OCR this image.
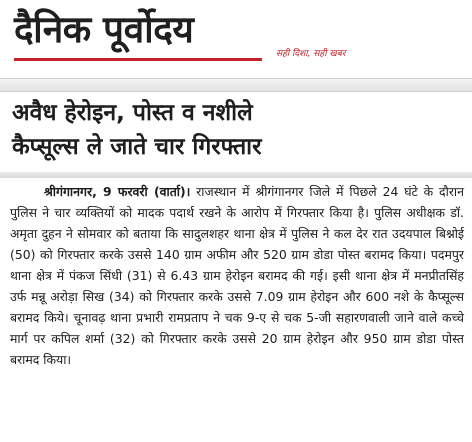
दैनिक पूर्वोदय
सही दिशा, सही खबर
अवैध हेरोइन, पोस्त व नशीले
कैप्सूल्स ले जाते चार गिरफ्तार

श्रीगंगानगर, 9 फरवरी (वार्ता)। राजस्थान में श्रीगंगानगर जिले में पिछले 24 घंटे के दौरान पुलिस ने चार व्यक्तियों को मादक पदार्थ रखने के आरोप में गिरफ्तार किया है। पुलिस अधीक्षक डॉ. अमृता दुहन ने सोमवार को बताया कि सादुलशहर थाना क्षेत्र में पुलिस ने कल देर रात उदयपाल बिश्नोई (50) को गिरफ्तार करके उससे 140 ग्राम अफीम और 520 ग्राम डोडा पोस्त बरामद किया। पदमपुर थाना क्षेत्र में पंकज सिंधी (31) से 6.43 ग्राम हेरोइन बरामद की गई। इसी थाना क्षेत्र में मनप्रीतसिंह उर्फ मन्नू अरोड़ा सिख (34) को गिरफ्तार करके उससे 7.09 ग्राम हेरोइन और 600 नशे के कैप्सूल्स बरामद किये। चूनावढ़ थाना प्रभारी रामप्रताप ने चक 9-ए से चक 5-जी सहारणवाली जाने वाले कच्चे मार्ग पर कपिल शर्मा (32) को गिरफ्तार करके उससे 20 ग्राम हेरोइन और 950 ग्राम डोडा पोस्त बरामद किया।
